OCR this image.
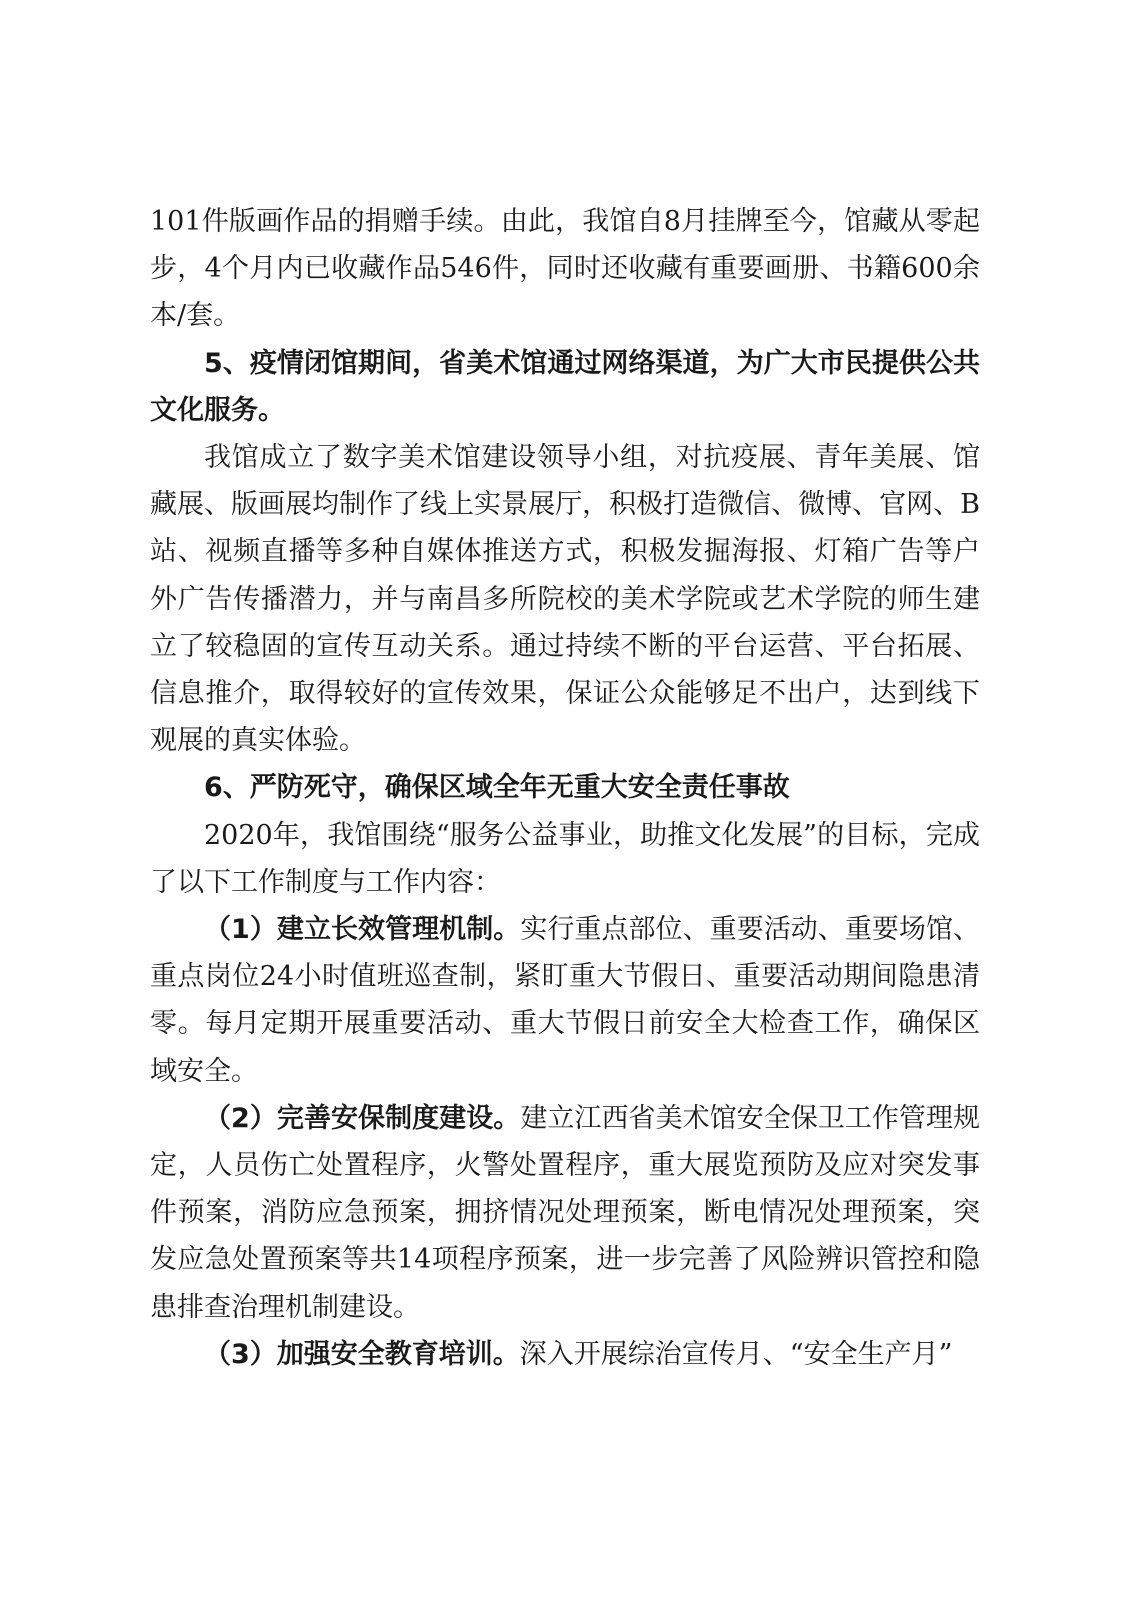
101件版画作品的捐赠手续。由此，我馆自8月挂牌至今，馆藏从零起步，4个月内已收藏作品546件，同时还收藏有重要画册、书籍600余本/套。

5、疫情闭馆期间，省美术馆通过网络渠道，为广大市民提供公共文化服务。

我馆成立了数字美术馆建设领导小组，对抗疫展、青年美展、馆藏展、版画展均制作了线上实景展厅，积极打造微信、微博、官网、B站、视频直播等多种自媒体推送方式，积极发掘海报、灯箱广告等户外广告传播潜力，并与南昌多所院校的美术学院或艺术学院的师生建立了较稳固的宣传互动关系。通过持续不断的平台运营、平台拓展、信息推介，取得较好的宣传效果，保证公众能够足不出户，达到线下观展的真实体验。

6、严防死守，确保区域全年无重大安全责任事故

2020年，我馆围绕“服务公益事业，助推文化发展”的目标，完成了以下工作制度与工作内容：

（1）建立长效管理机制。实行重点部位、重要活动、重要场馆、重点岗位24小时值班巡查制，紧盯重大节假日、重要活动期间隐患清零。每月定期开展重要活动、重大节假日前安全大检查工作，确保区域安全。

（2）完善安保制度建设。建立江西省美术馆安全保卫工作管理规定，人员伤亡处置程序，火警处置程序，重大展览预防及应对突发事件预案，消防应急预案，拥挤情况处理预案，断电情况处理预案，突发应急处置预案等共14项程序预案，进一步完善了风险辨识管控和隐患排查治理机制建设。

（3）加强安全教育培训。深入开展综治宣传月、“安全生产月”
